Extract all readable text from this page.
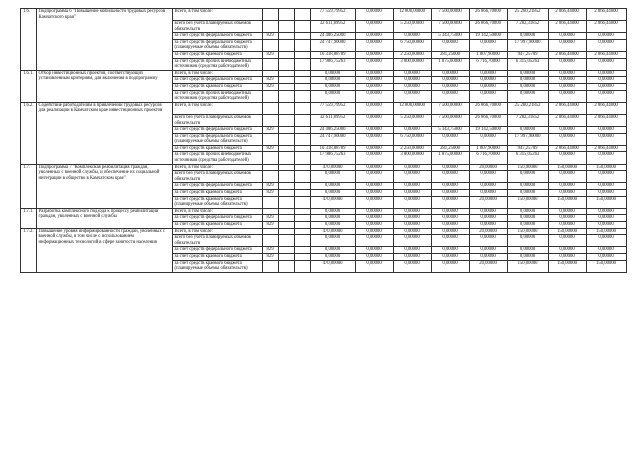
1.6.	Подпрограмма 6 "Повышение мобильности трудовых ресурсов Камчатского края"	Всего, в том числе:				77 559,79952	0,00000	12 800,00000	7 500,00000	26 866,70000	25 260,21852	2 866,44000	2 866,44000
		всего без учета планируемых объемов обязательств				32 611,89952	0,00000	5 250,00000	7 500,00000	26 866,70000	7 282,31852	2 866,44000	2 866,44000
		за счет средств федерального бюджета	829			24 486,25000	0,00000	0,00000	5 343,75000	19 142,50000	0,00000	0,00000	0,00000
		за счет средств федерального бюджета (планируемые объемы обязательств)				24 747,90000	0,00000	6 750,00000	0,00000	0,00000	17 997,90000	0,00000	0,00000
		за счет средств краевого бюджета	829			10 318,88789	0,00000	2 250,00000	281,25000	1 007,90000	947,25789	2 866,44000	2 866,44000
		за счет средств прочих внебюджетных источников (средства работодателей)				17 986,75263	0,00000	3 800,00000	1 875,00000	6 716,70000	6 315,05263	0,00000	0,00000
1.6.1.	Отбор инвестиционных проектов, соответствующих установленным критериям, для включения в подпрограмму	Всего, в том числе:				0,00000	0,00000	0,00000	0,00000	0,00000	0,00000	0,00000	0,00000
		за счет средств федерального бюджета	829			0,00000	0,00000	0,00000	0,00000	0,00000	0,00000	0,00000	0,00000
		за счет средств краевого бюджета	829			0,00000	0,00000	0,00000	0,00000	0,00000	0,00000	0,00000	0,00000
		за счет средств прочих внебюджетных источников (средства работодателей)				0,00000	0,00000	0,00000	0,00000	0,00000	0,00000	0,00000	0,00000
1.6.2.	Содействие работодателям в привлечении трудовых ресурсов для реализации в Камчатском крае инвестиционных проектов	Всего, в том числе:				77 559,79952	0,00000	12 800,00000	7 500,00000	26 866,70000	25 260,21852	2 866,44000	2 866,44000
		всего без учета планируемых объемов обязательств				32 611,89952	0,00000	5 250,00000	7 500,00000	26 866,70000	7 282,31852	2 866,44000	2 866,44000
		за счет средств федерального бюджета	829			24 486,25000	0,00000	0,00000	5 343,75000	19 142,50000	0,00000	0,00000	0,00000
		за счет средств федерального бюджета (планируемые объемы обязательств)				24 747,90000	0,00000	6 750,00000	0,00000	0,00000	17 997,90000	0,00000	0,00000
		за счет средств краевого бюджета	829			10 318,88789	0,00000	2 250,00000	281,25000	1 007,90000	947,25789	2 866,44000	2 866,44000
		за счет средств прочих внебюджетных источников (средства работодателей)				17 986,75263	0,00000	3 800,00000	1 875,00000	6 716,70000	6 315,05263	0,00000	0,00000
1.7.	Подпрограмма 7 "Комплексная реабилитация граждан, уволенных с военной службы, и обеспечение их социальной интеграции в общество в Камчатском крае"	Всего, в том числе:				470,00000	0,00000	0,00000	0,00000	20,00000	150,00000	150,00000	150,00000
		всего без учета планируемых объемов обязательств				0,00000	0,00000	0,00000	0,00000	0,00000	0,00000	0,00000	0,00000
		за счет средств федерального бюджета	829			0,00000	0,00000	0,00000	0,00000	0,00000	0,00000	0,00000	0,00000
		за счет средств краевого бюджета	829			0,00000	0,00000	0,00000	0,00000	0,00000	0,00000	0,00000	0,00000
		за счет средств краевого бюджета (планируемые объемы обязательств)				470,00000	0,00000	0,00000	0,00000	20,00000	150,00000	150,00000	150,00000
1.7.1.	Разработка комплексного подхода к процессу реабилитации граждан, уволенных с военной службы	Всего, в том числе:				0,00000	0,00000	0,00000	0,00000	0,00000	0,00000	0,00000	0,00000
		за счет средств федерального бюджета	829			0,00000	0,00000	0,00000	0,00000	0,00000	0,00000	0,00000	0,00000
		за счет средств краевого бюджета	829			0,00000	0,00000	0,00000	0,00000	0,00000	0,00000	0,00000	0,00000
1.7.2.	Повышение уровня информированности граждан, уволенных с военной службы, в том числе с использованием информационных технологий в сфере занятости населения	Всего, в том числе:				470,00000	0,00000	0,00000	0,00000	20,00000	150,00000	150,00000	150,00000
		всего без учета планируемых объемов обязательств				0,00000	0,00000	0,00000	0,00000	0,00000	0,00000	0,00000	0,00000
		за счет средств федерального бюджета	829			0,00000	0,00000	0,00000	0,00000	0,00000	0,00000	0,00000	0,00000
		за счет средств краевого бюджета	829			0,00000	0,00000	0,00000	0,00000	0,00000	0,00000	0,00000	0,00000
		за счет средств краевого бюджета (планируемые объемы обязательств)				470,00000	0,00000	0,00000	0,00000	20,00000	150,00000	150,00000	150,00000
